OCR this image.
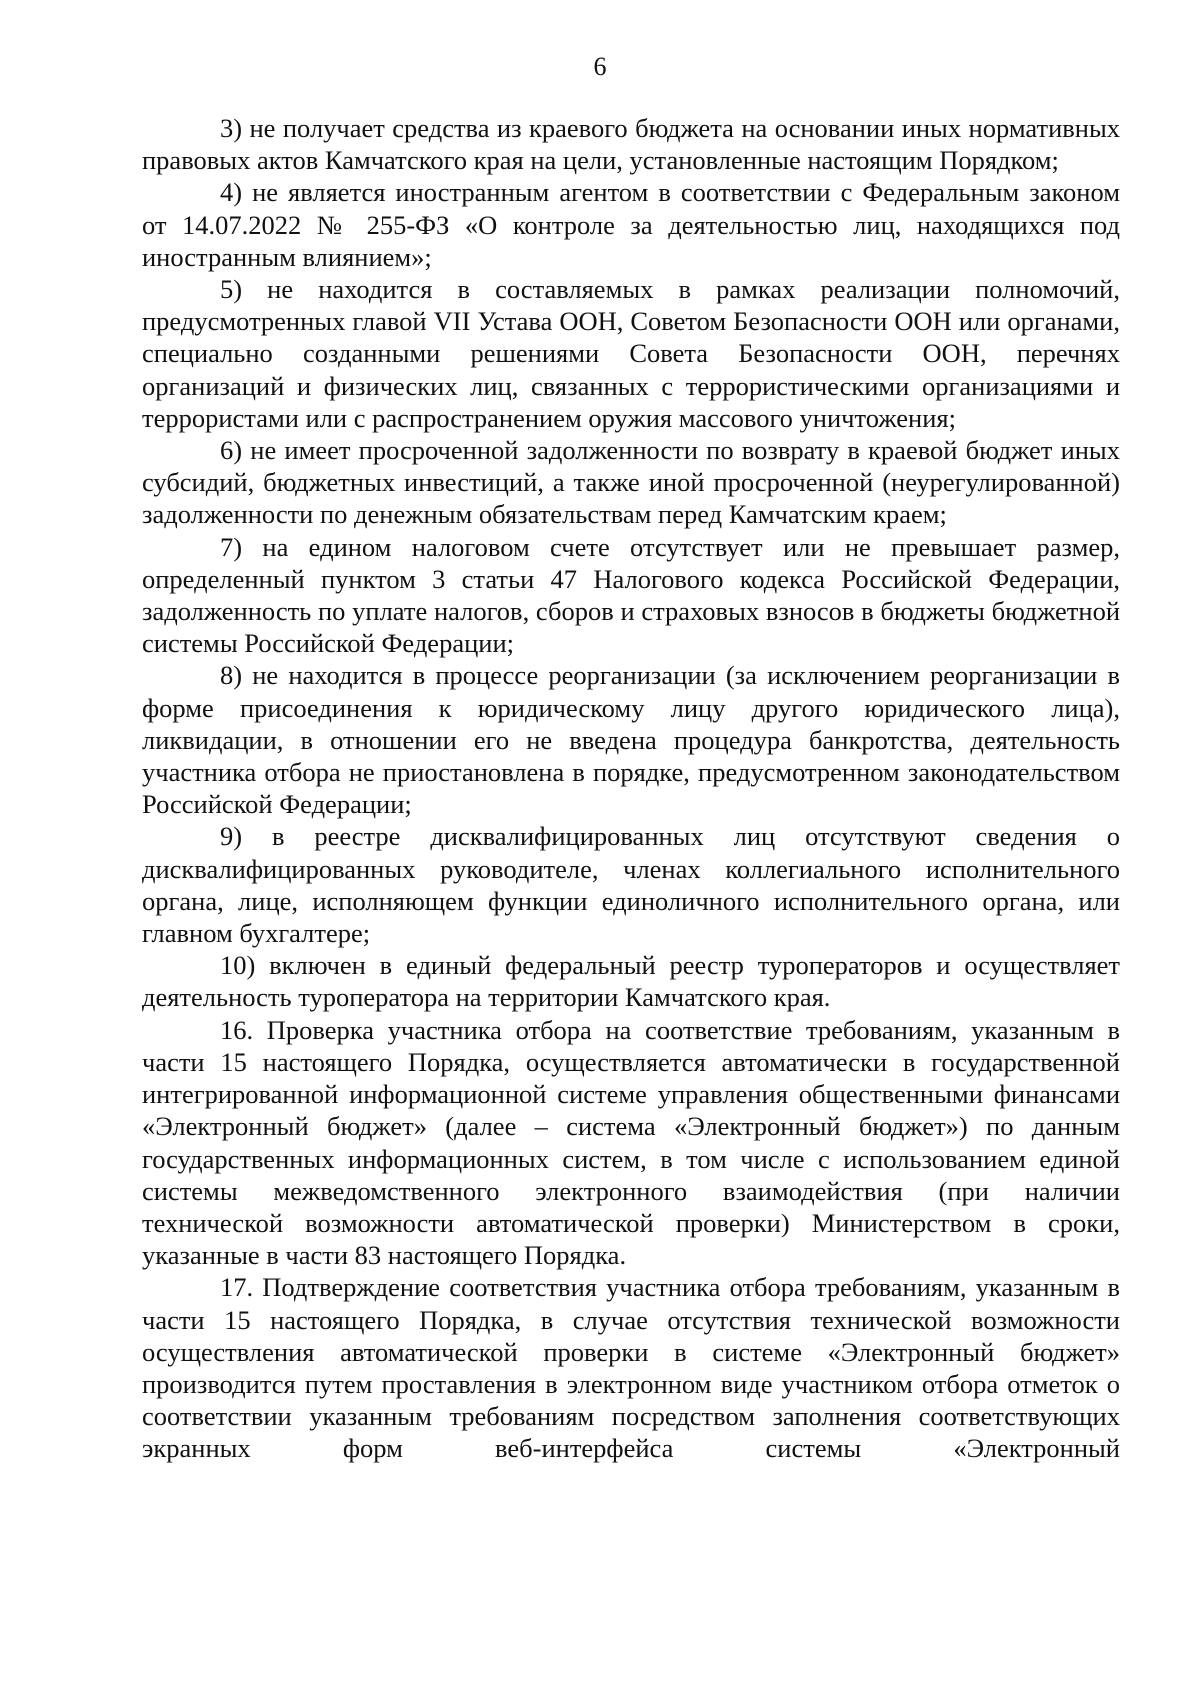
6

3) не получает средства из краевого бюджета на основании иных нормативных правовых актов Камчатского края на цели, установленные настоящим Порядком;

4) не является иностранным агентом в соответствии с Федеральным законом от 14.07.2022 № 255-ФЗ «О контроле за деятельностью лиц, находящихся под иностранным влиянием»;

5) не находится в составляемых в рамках реализации полномочий, предусмотренных главой VII Устава ООН, Советом Безопасности ООН или органами, специально созданными решениями Совета Безопасности ООН, перечнях организаций и физических лиц, связанных с террористическими организациями и террористами или с распространением оружия массового уничтожения;

6) не имеет просроченной задолженности по возврату в краевой бюджет иных субсидий, бюджетных инвестиций, а также иной просроченной (неурегулированной) задолженности по денежным обязательствам перед Камчатским краем;

7) на едином налоговом счете отсутствует или не превышает размер, определенный пунктом 3 статьи 47 Налогового кодекса Российской Федерации, задолженность по уплате налогов, сборов и страховых взносов в бюджеты бюджетной системы Российской Федерации;

8) не находится в процессе реорганизации (за исключением реорганизации в форме присоединения к юридическому лицу другого юридического лица), ликвидации, в отношении его не введена процедура банкротства, деятельность участника отбора не приостановлена в порядке, предусмотренном законодательством Российской Федерации;

9) в реестре дисквалифицированных лиц отсутствуют сведения о дисквалифицированных руководителе, членах коллегиального исполнительного органа, лице, исполняющем функции единоличного исполнительного органа, или главном бухгалтере;

10) включен в единый федеральный реестр туроператоров и осуществляет деятельность туроператора на территории Камчатского края.

16. Проверка участника отбора на соответствие требованиям, указанным в части 15 настоящего Порядка, осуществляется автоматически в государственной интегрированной информационной системе управления общественными финансами «Электронный бюджет» (далее – система «Электронный бюджет») по данным государственных информационных систем, в том числе с использованием единой системы межведомственного электронного взаимодействия (при наличии технической возможности автоматической проверки) Министерством в сроки, указанные в части 83 настоящего Порядка.

17. Подтверждение соответствия участника отбора требованиям, указанным в части 15 настоящего Порядка, в случае отсутствия технической возможности осуществления автоматической проверки в системе «Электронный бюджет» производится путем проставления в электронном виде участником отбора отметок о соответствии указанным требованиям посредством заполнения соответствующих экранных форм веб-интерфейса системы «Электронный
